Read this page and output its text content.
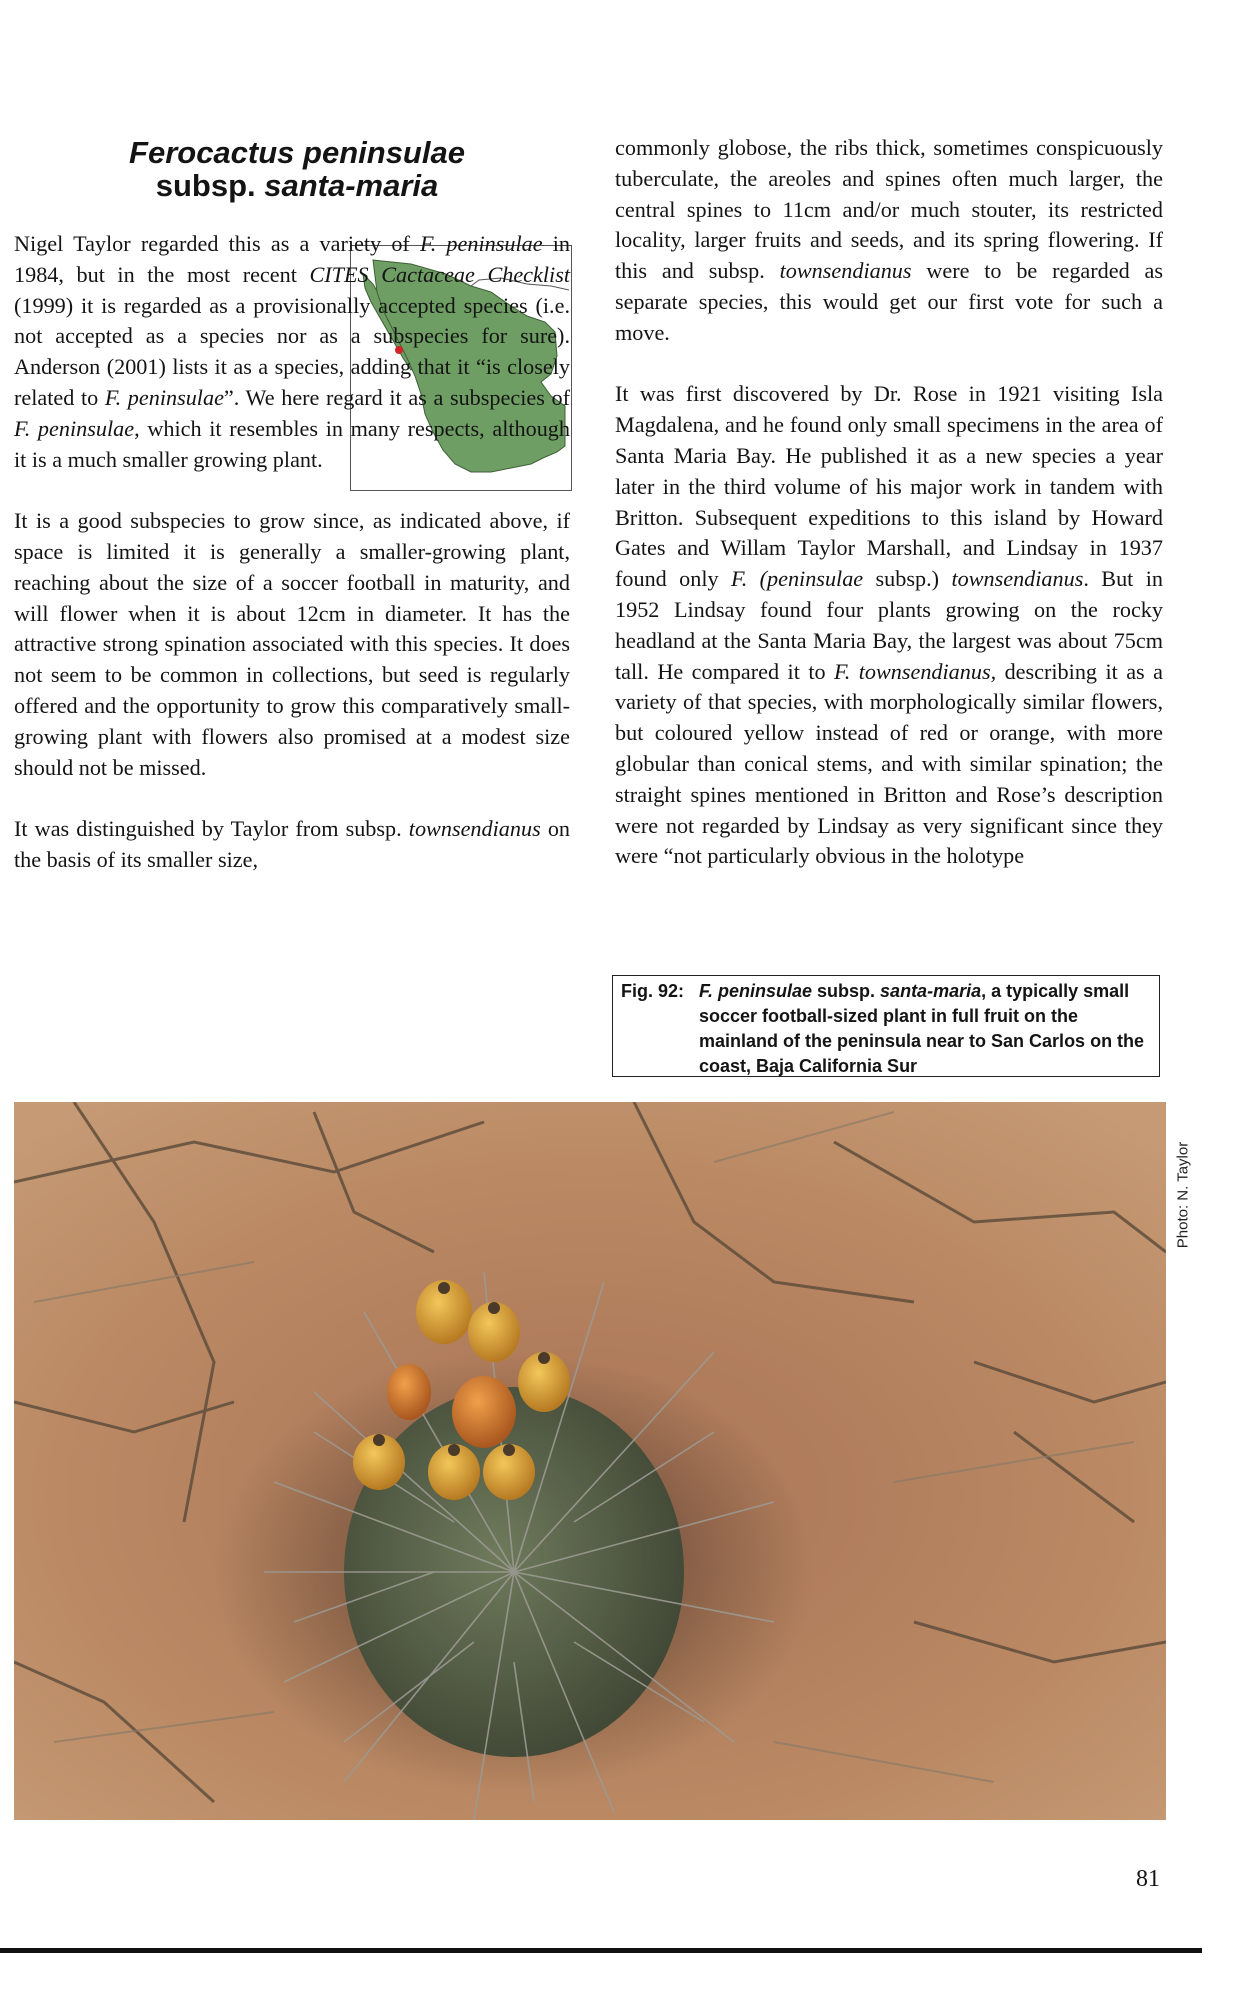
Ferocactus peninsulae
subsp. santa-maria

Nigel Taylor regarded this as a variety of F. peninsulae in 1984, but in the most recent CITES Cactaceae Checklist (1999) it is regarded as a provisionally accepted species (i.e. not accepted as a species nor as a subspecies for sure). Anderson (2001) lists it as a species, adding that it “is closely related to F. peninsulae”. We here regard it as a subspecies of F. peninsulae, which it resembles in many respects, although it is a much smaller growing plant.

It is a good subspecies to grow since, as indicated above, if space is limited it is generally a smaller-growing plant, reaching about the size of a soccer football in maturity, and will flower when it is about 12cm in diameter. It has the attractive strong spination associated with this species. It does not seem to be common in collections, but seed is regularly offered and the opportunity to grow this comparatively small-growing plant with flowers also promised at a modest size should not be missed.

It was distinguished by Taylor from subsp. townsendianus on the basis of its smaller size,

commonly globose, the ribs thick, sometimes conspicuously tuberculate, the areoles and spines often much larger, the central spines to 11cm and/or much stouter, its restricted locality, larger fruits and seeds, and its spring flowering. If this and subsp. townsendianus were to be regarded as separate species, this would get our first vote for such a move.

It was first discovered by Dr. Rose in 1921 visiting Isla Magdalena, and he found only small specimens in the area of Santa Maria Bay. He published it as a new species a year later in the third volume of his major work in tandem with Britton. Subsequent expeditions to this island by Howard Gates and Willam Taylor Marshall, and Lindsay in 1937 found only F. (peninsulae subsp.) townsendianus. But in 1952 Lindsay found four plants growing on the rocky headland at the Santa Maria Bay, the largest was about 75cm tall. He compared it to F. townsendianus, describing it as a variety of that species, with morphologically similar flowers, but coloured yellow instead of red or orange, with more globular than conical stems, and with similar spination; the straight spines mentioned in Britton and Rose’s description were not regarded by Lindsay as very significant since they were “not particularly obvious in the holotype

Fig. 92: F. peninsulae subsp. santa-maria, a typically small soccer football-sized plant in full fruit on the mainland of the peninsula near to San Carlos on the coast, Baja California Sur
Photo: N. Taylor
81
